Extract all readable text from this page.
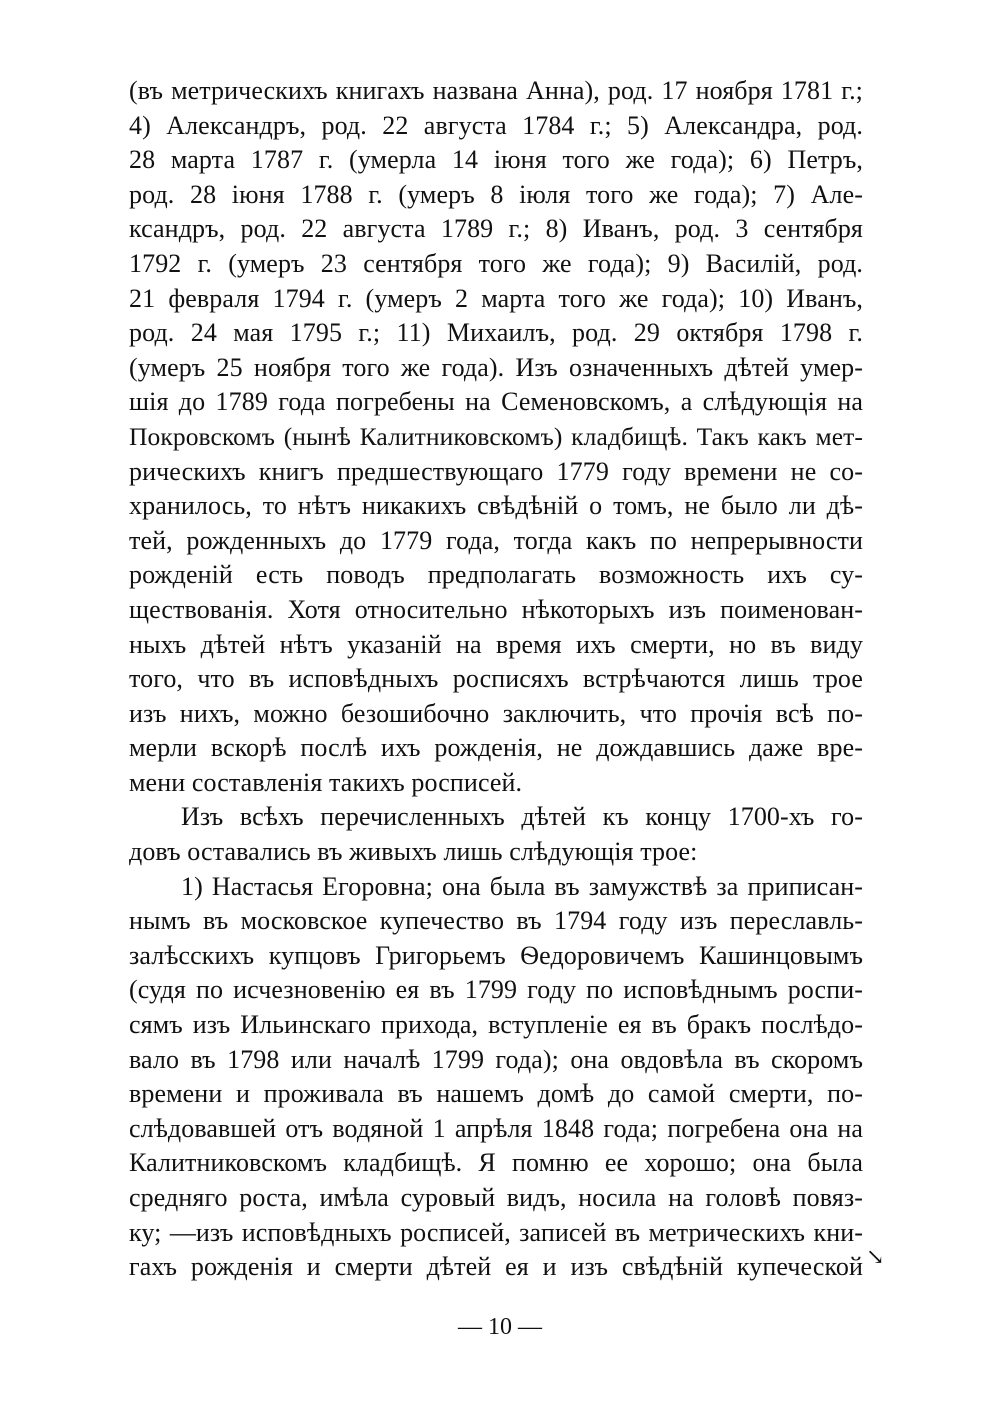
(въ метрическихъ книгахъ названа Анна), род. 17 ноября 1781 г.;
4) Александръ, род. 22 августа 1784 г.; 5) Александра, род.
28 марта 1787 г. (умерла 14 іюня того же года); 6) Петръ,
род. 28 іюня 1788 г. (умеръ 8 іюля того же года); 7) Але-
ксандръ, род. 22 августа 1789 г.; 8) Иванъ, род. 3 сентября
1792 г. (умеръ 23 сентября того же года); 9) Василій, род.
21 февраля 1794 г. (умеръ 2 марта того же года); 10) Иванъ,
род. 24 мая 1795 г.; 11) Михаилъ, род. 29 октября 1798 г.
(умеръ 25 ноября того же года). Изъ означенныхъ дѣтей умер-
шія до 1789 года погребены на Семеновскомъ, а слѣдующія на
Покровскомъ (нынѣ Калитниковскомъ) кладбищѣ. Такъ какъ мет-
рическихъ книгъ предшествующаго 1779 году времени не со-
хранилось, то нѣтъ никакихъ свѣдѣній о томъ, не было ли дѣ-
тей, рожденныхъ до 1779 года, тогда какъ по непрерывности
рожденій есть поводъ предполагать возможность ихъ су-
ществованія. Хотя относительно нѣкоторыхъ изъ поименован-
ныхъ дѣтей нѣтъ указаній на время ихъ смерти, но въ виду
того, что въ исповѣдныхъ росписяхъ встрѣчаются лишь трое
изъ нихъ, можно безошибочно заключить, что прочія всѣ по-
мерли вскорѣ послѣ ихъ рожденія, не дождавшись даже вре-
мени составленія такихъ росписей.
Изъ всѣхъ перечисленныхъ дѣтей къ концу 1700-хъ го-
довъ оставались въ живыхъ лишь слѣдующія трое:
1) Настасья Егоровна; она была въ замужствѣ за приписан-
нымъ въ московское купечество въ 1794 году изъ переславль-
залѣсскихъ купцовъ Григорьемъ Ѳедоровичемъ Кашинцовымъ
(судя по исчезновенію ея въ 1799 году по исповѣднымъ роспи-
сямъ изъ Ильинскаго прихода, вступленіе ея въ бракъ послѣдо-
вало въ 1798 или началѣ 1799 года); она овдовѣла въ скоромъ
времени и проживала въ нашемъ домѣ до самой смерти, по-
слѣдовавшей отъ водяной 1 апрѣля 1848 года; погребена она на
Калитниковскомъ кладбищѣ. Я помню ее хорошо; она была
средняго роста, имѣла суровый видъ, носила на головѣ повяз-
ку; —изъ исповѣдныхъ росписей, записей въ метрическихъ кни-
гахъ рожденія и смерти дѣтей ея и изъ свѣдѣній купеческой ↘
— 10 —
